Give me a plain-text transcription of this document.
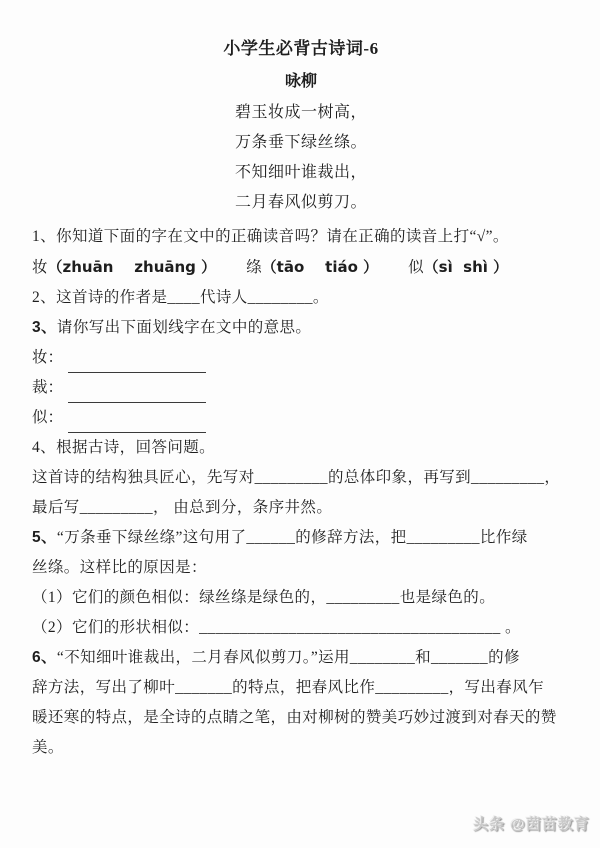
小学生必背古诗词-6
咏柳

碧玉妆成一树高，

万条垂下绿丝绦。

不知细叶谁裁出，

二月春风似剪刀。

1、你知道下面的字在文中的正确读音吗？请在正确的读音上打“√”。

妆（zhuān    zhuāng ） 绦（tāo    tiáo ） 似（sì  shì ）

2、这首诗的作者是____代诗人________。

3、请你写出下面划线字在文中的意思。

妆：
裁：
似：

4、根据古诗，回答问题。

这首诗的结构独具匠心，先写对_________的总体印象，再写到_________，

最后写_________， 由总到分，条序井然。

5、“万条垂下绿丝绦”这句用了______的修辞方法，把_________比作绿

丝绦。这样比的原因是：

（1）它们的颜色相似：绿丝绦是绿色的，_________也是绿色的。

（2）它们的形状相似：_____________________________________ 。

6、“不知细叶谁裁出，二月春风似剪刀。”运用________和_______的修

辞方法，写出了柳叶_______的特点，把春风比作_________，写出春风乍

暖还寒的特点，是全诗的点睛之笔，由对柳树的赞美巧妙过渡到对春天的赞

美。

头条 @茵苗教育
